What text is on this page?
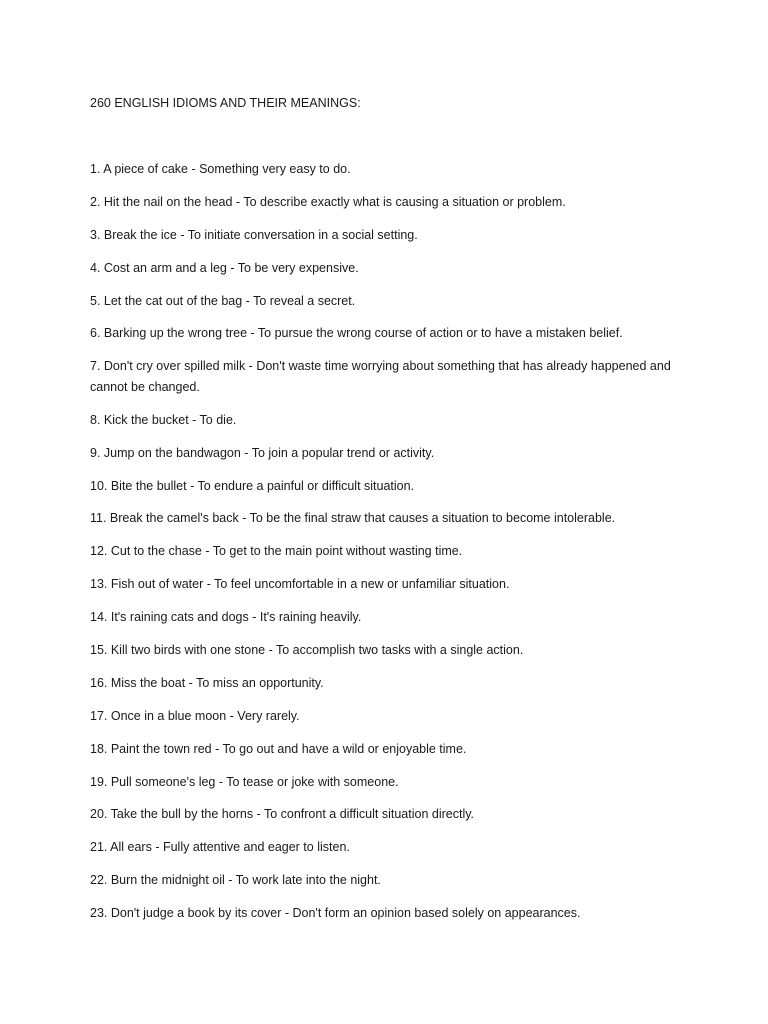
260 ENGLISH IDIOMS AND THEIR MEANINGS:
1. A piece of cake - Something very easy to do.
2. Hit the nail on the head - To describe exactly what is causing a situation or problem.
3. Break the ice - To initiate conversation in a social setting.
4. Cost an arm and a leg - To be very expensive.
5. Let the cat out of the bag - To reveal a secret.
6. Barking up the wrong tree - To pursue the wrong course of action or to have a mistaken belief.
7. Don't cry over spilled milk - Don't waste time worrying about something that has already happened and cannot be changed.
8. Kick the bucket - To die.
9. Jump on the bandwagon - To join a popular trend or activity.
10. Bite the bullet - To endure a painful or difficult situation.
11. Break the camel's back - To be the final straw that causes a situation to become intolerable.
12. Cut to the chase - To get to the main point without wasting time.
13. Fish out of water - To feel uncomfortable in a new or unfamiliar situation.
14. It's raining cats and dogs - It's raining heavily.
15. Kill two birds with one stone - To accomplish two tasks with a single action.
16. Miss the boat - To miss an opportunity.
17. Once in a blue moon - Very rarely.
18. Paint the town red - To go out and have a wild or enjoyable time.
19. Pull someone's leg - To tease or joke with someone.
20. Take the bull by the horns - To confront a difficult situation directly.
21. All ears - Fully attentive and eager to listen.
22. Burn the midnight oil - To work late into the night.
23. Don't judge a book by its cover - Don't form an opinion based solely on appearances.
